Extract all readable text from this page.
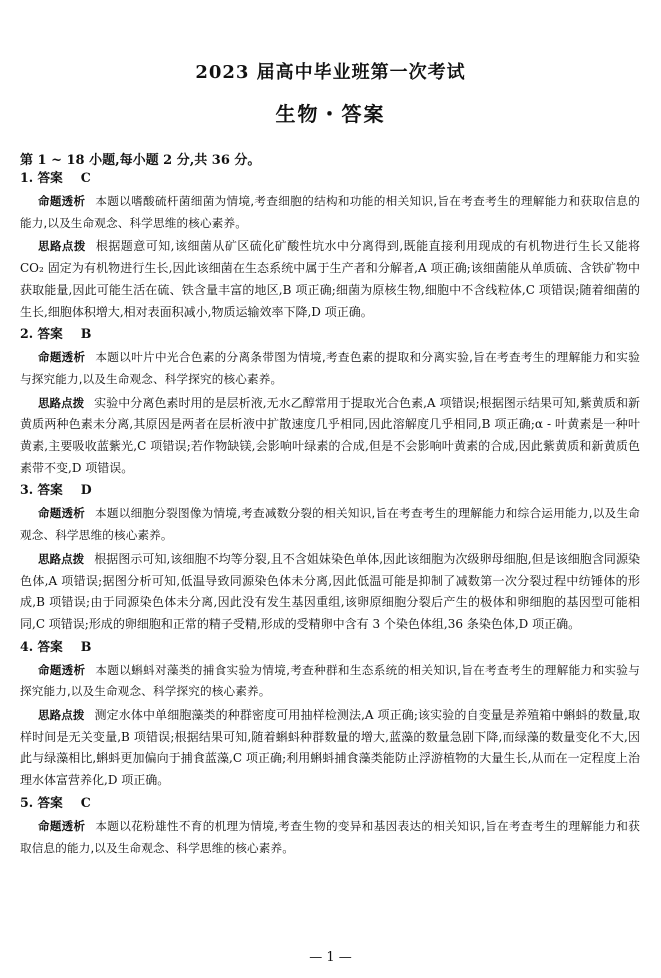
2023 届高中毕业班第一次考试
生物・答案

第 1 ~ 18 小题,每小题 2 分,共 36 分。

1. 答案 C

命题透析 本题以嗜酸硫杆菌细菌为情境,考查细胞的结构和功能的相关知识,旨在考查考生的理解能力和获取信息的能力,以及生命观念、科学思维的核心素养。

思路点拨 根据题意可知,该细菌从矿区硫化矿酸性坑水中分离得到,既能直接利用现成的有机物进行生长又能将 CO₂ 固定为有机物进行生长,因此该细菌在生态系统中属于生产者和分解者,A 项正确;该细菌能从单质硫、含铁矿物中获取能量,因此可能生活在硫、铁含量丰富的地区,B 项正确;细菌为原核生物,细胞中不含线粒体,C 项错误;随着细菌的生长,细胞体积增大,相对表面积减小,物质运输效率下降,D 项正确。

2. 答案 B

命题透析 本题以叶片中光合色素的分离条带图为情境,考查色素的提取和分离实验,旨在考查考生的理解能力和实验与探究能力,以及生命观念、科学探究的核心素养。

思路点拨 实验中分离色素时用的是层析液,无水乙醇常用于提取光合色素,A 项错误;根据图示结果可知,紫黄质和新黄质两种色素未分离,其原因是两者在层析液中扩散速度几乎相同,因此溶解度几乎相同,B 项正确;α - 叶黄素是一种叶黄素,主要吸收蓝紫光,C 项错误;若作物缺镁,会影响叶绿素的合成,但是不会影响叶黄素的合成,因此紫黄质和新黄质色素带不变,D 项错误。

3. 答案 D

命题透析 本题以细胞分裂图像为情境,考查减数分裂的相关知识,旨在考查考生的理解能力和综合运用能力,以及生命观念、科学思维的核心素养。

思路点拨 根据图示可知,该细胞不均等分裂,且不含姐妹染色单体,因此该细胞为次级卵母细胞,但是该细胞含同源染色体,A 项错误;据图分析可知,低温导致同源染色体未分离,因此低温可能是抑制了减数第一次分裂过程中纺锤体的形成,B 项错误;由于同源染色体未分离,因此没有发生基因重组,该卵原细胞分裂后产生的极体和卵细胞的基因型可能相同,C 项错误;形成的卵细胞和正常的精子受精,形成的受精卵中含有 3 个染色体组,36 条染色体,D 项正确。

4. 答案 B

命题透析 本题以蝌蚪对藻类的捕食实验为情境,考查种群和生态系统的相关知识,旨在考查考生的理解能力和实验与探究能力,以及生命观念、科学探究的核心素养。

思路点拨 测定水体中单细胞藻类的种群密度可用抽样检测法,A 项正确;该实验的自变量是养殖箱中蝌蚪的数量,取样时间是无关变量,B 项错误;根据结果可知,随着蝌蚪种群数量的增大,蓝藻的数量急剧下降,而绿藻的数量变化不大,因此与绿藻相比,蝌蚪更加偏向于捕食蓝藻,C 项正确;利用蝌蚪捕食藻类能防止浮游植物的大量生长,从而在一定程度上治理水体富营养化,D 项正确。

5. 答案 C

命题透析 本题以花粉雄性不育的机理为情境,考查生物的变异和基因表达的相关知识,旨在考查考生的理解能力和获取信息的能力,以及生命观念、科学思维的核心素养。

— 1 —
